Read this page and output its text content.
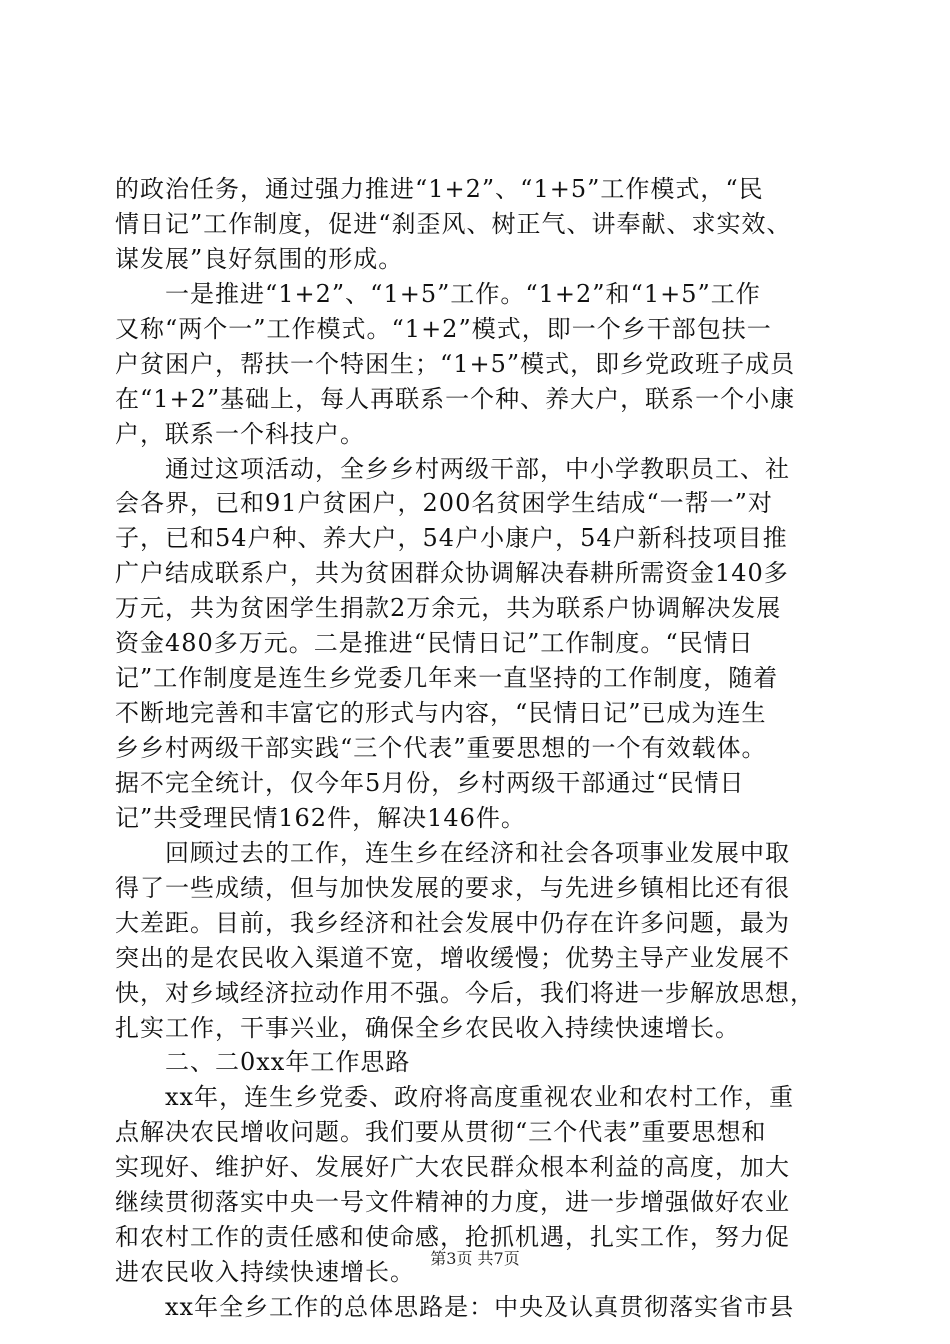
的政治任务，通过强力推进“1+2”、“1+5”工作模式，“民
情日记”工作制度，促进“刹歪风、树正气、讲奉献、求实效、
谋发展”良好氛围的形成。
　　一是推进“1+2”、“1+5”工作。“1+2”和“1+5”工作
又称“两个一”工作模式。“1+2”模式，即一个乡干部包扶一
户贫困户，帮扶一个特困生；“1+5”模式，即乡党政班子成员
在“1+2”基础上，每人再联系一个种、养大户，联系一个小康
户，联系一个科技户。
　　通过这项活动，全乡乡村两级干部，中小学教职员工、社
会各界，已和91户贫困户，200名贫困学生结成“一帮一”对
子，已和54户种、养大户，54户小康户，54户新科技项目推
广户结成联系户，共为贫困群众协调解决春耕所需资金140多
万元，共为贫困学生捐款2万余元，共为联系户协调解决发展
资金480多万元。二是推进“民情日记”工作制度。“民情日
记”工作制度是连生乡党委几年来一直坚持的工作制度，随着
不断地完善和丰富它的形式与内容，“民情日记”已成为连生
乡乡村两级干部实践“三个代表”重要思想的一个有效载体。
据不完全统计，仅今年5月份，乡村两级干部通过“民情日
记”共受理民情162件，解决146件。
　　回顾过去的工作，连生乡在经济和社会各项事业发展中取
得了一些成绩，但与加快发展的要求，与先进乡镇相比还有很
大差距。目前，我乡经济和社会发展中仍存在许多问题，最为
突出的是农民收入渠道不宽，增收缓慢；优势主导产业发展不
快，对乡域经济拉动作用不强。今后，我们将进一步解放思想，
扎实工作，干事兴业，确保全乡农民收入持续快速增长。
　　二、二0xx年工作思路
　　xx年，连生乡党委、政府将高度重视农业和农村工作，重
点解决农民增收问题。我们要从贯彻“三个代表”重要思想和
实现好、维护好、发展好广大农民群众根本利益的高度，加大
继续贯彻落实中央一号文件精神的力度，进一步增强做好农业
和农村工作的责任感和使命感，抢抓机遇，扎实工作，努力促
进农民收入持续快速增长。
　　xx年全乡工作的总体思路是：中央及认真贯彻落实省市县
第3页 共7页
